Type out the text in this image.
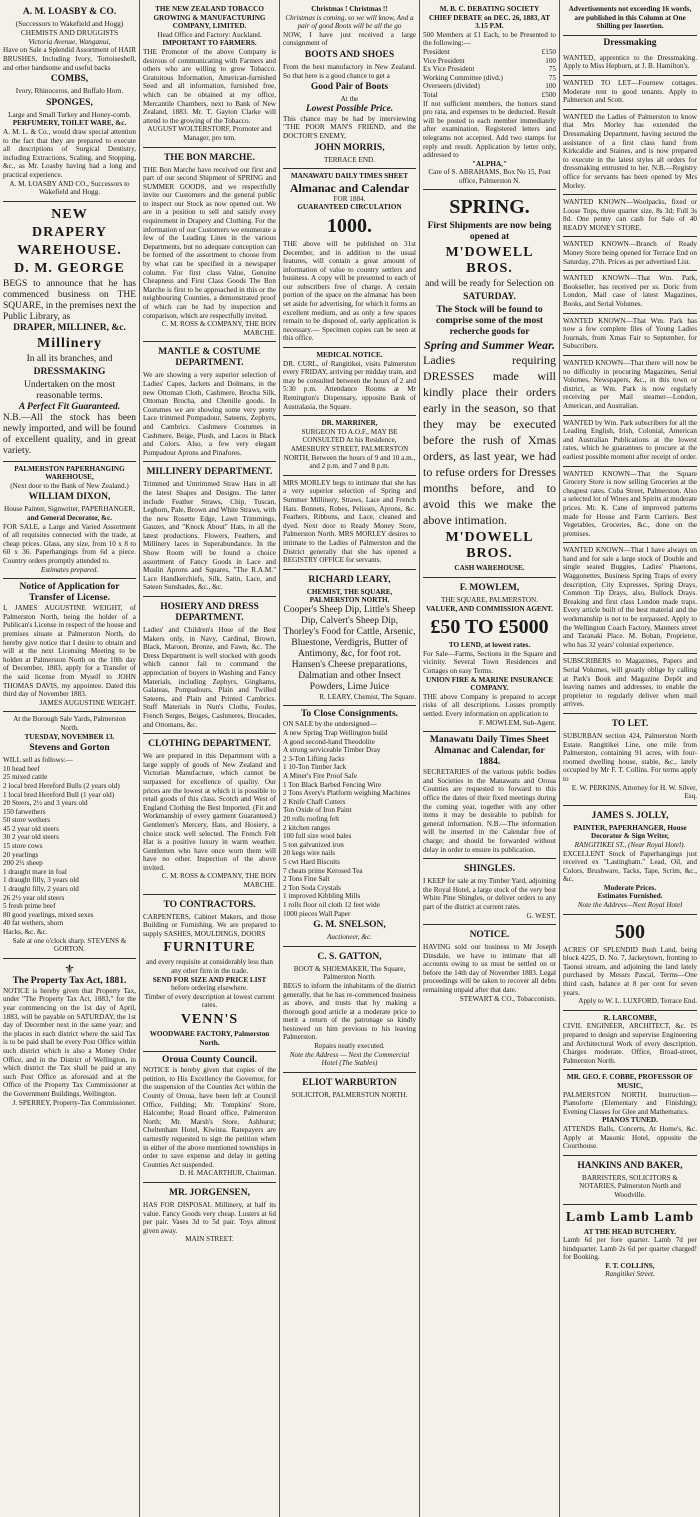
A. M. LOASBY & CO.
(Successors to Wakefield and Hogg) CHEMISTS AND DRUGGISTS
Victoria Avenue, Wanganui,
Have on Sale a Splendid Assortment of HAIR BRUSHES, Including Ivory, Tortoiseshell, and other handsome and useful backs
COMBS,
Ivory, Rhinoceros, and Buffalo Horn.
SPONGES,
Large and Small Turkey and Honey-comb.
PERFUMERY, TOILET WARE, &c.
A. M. L. & Co., would draw special attention to the fact that they are prepared to execute all descriptions of Surgical Dentistry, including Extractions, Scaling, and Stopping, &c., as Mr. Loasby having had a long and practical experience.
A. M. LOASBY AND CO., Successors to Wakefield and Hogg.
NEW
DRAPERY
WAREHOUSE.
D. M. GEORGE
BEGS to announce that he has commenced business on THE SQUARE, in the premises next the Public Library, as
DRAPER, MILLINER, &c.
Millinery
In all its branches, and
DRESSMAKING
Undertaken on the most reasonable terms.
A Perfect Fit Guaranteed.
N.B.—All the stock has been newly imported, and will be found of excellent quality, and in great variety.
PALMERSTON PAPERHANGING WAREHOUSE,
(Next door to the Bank of New Zealand.)
WILLIAM DIXON,
House Painter, Signwriter, PAPERHANGER,
and General Decorator, &c.
FOR SALE, a Large and Varied Assortment of all requisites connected with the trade, at cheap prices. Glass, any size, from 10 x 8 to 60 x 36. Paperhangings from 6d a piece. Country orders promptly attended to.
Estimates prepared.
Notice of Application for Transfer of License.
I, JAMES AUGUSTINE WEIGHT, of Palmerston North, being the holder of a Publican's License in respect of the house and premises situate at Palmerston North, do hereby give notice that I desire to obtain and will at the next Licensing Meeting to be holden at Palmerston North on the 10th day of December, 1883, apply for a Transfer of the said license from Myself to JOHN THOMAS DAVIS, my appointee. Dated this third day of November 1883.
JAMES AUGUSTINE WEIGHT.
At the Borough Sale Yards, Palmerston North.
TUESDAY, NOVEMBER 13.
Stevens and Gorton
WILL sell as follows:—
10 head beef
25 mixed cattle
2 local bred Hereford Bulls (2 years old)
1 local bred Hereford Bull (1 year old)
20 Steers, 2½ and 3 years old
150 fatwethers
50 store wethers
45 2 year old steers
30 2 year old steers
15 store cows
20 yearlings
200 2½ sheep
1 draught mare in foal
1 draught filly, 3 years old
1 draught filly, 2 years old
26 2½ year old steers
5 fresh prime beef
80 good yearlings, mixed sexes
40 fat wethers, shorn
Hacks, &c. &c.
Sale at one o'clock sharp. STEVENS & GORTON.
⚜
The Property Tax Act, 1881.
NOTICE is hereby given that Property Tax, under "The Property Tax Act, 1883," for the year commencing on the 1st day of April, 1883, will be payable on SATURDAY, the 1st day of December next in the same year; and the places in each district where the said Tax is to be paid shall be every Post Office within such district which is also a Money Order Office, and in the District of Wellington, in which district the Tax shall be paid at any such Post Office as aforesaid and at the Office of the Property Tax Commissioner at the Government Buildings, Wellington.
J. SPERREY, Property-Tax Commissioner.
THE NEW ZEALAND TOBACCO GROWING & MANUFACTURING COMPANY, LIMITED.
Head Office and Factory: Auckland.
IMPORTANT TO FARMERS.
THE Promoter of the above Company is desirous of communicating with Farmers and others who are willing to grow Tobacco. Gratuitous Information, American-furnished Seed and all information, furnished free, which can be obtained at my office, Mercantile Chambers, next to Bank of New Zealand, 1883. Mr. T. Gayton Clarke will attend to the growing of the Tobacco.
AUGUST WOLTERSTORF, Promoter and Manager, pro tem.
THE BON MARCHE.
THE Bon Marche have received our first and part of our second Shipment of SPRING and SUMMER GOODS, and we respectfully invite our Customers and the general public to inspect our Stock as now opened out. We are in a position to sell and satisfy every requirement in Drapery and Clothing. For the information of our Customers we enumerate a few of the Leading Lines in the various Departments, but no adequate conception can be formed of the assortment to choose from by what can be specified in a newspaper column. For first class Value, Genuine Cheapness and First Class Goods The Bon Marche is first to be approached in this or the neighbouring Counties, a demonstrated proof of which can be had by inspection and comparison, which are respectfully invited.
C. M. ROSS & COMPANY, THE BON MARCHE.
MANTLE & COSTUME DEPARTMENT.
We are showing a very superior selection of Ladies' Capes, Jackets and Dolmans, in the new Ottoman Cloth, Cashmere, Brocha Silk, Ottoman Brocha, and Chenille goods. In Costumes we are showing some very pretty Lace trimmed Pompadour, Sateens, Zephyrs, and Cambrics. Cashmere Costumes in Cashmere, Beige, Plush, and Laces in Black and Colors. Also, a few very elegant Pompadour Aprons and Pinafores.
MILLINERY DEPARTMENT.
Trimmed and Untrimmed Straw Hats in all the latest Shapes and Designs. The latter include Feather Straws, Chip, Tuscan, Leghorn, Pale, Brown and White Straws, with the new Rosette Edge, Lawn Trimmings, Gauzes, and "Knock About" Hats, in all the latest productions. Flowers, Feathers, and Millinery laces in Superabundance. In the Show Room will be found a choice assortment of Fancy Goods in Lace and Muslin Aprons and Squares, "The R.A.M." Lace Handkerchiefs, Silk, Satin, Lace, and Sateen Sunshades, &c., &c.
HOSIERY AND DRESS DEPARTMENT.
Ladies' and Children's Hose of the Best Makers only, in Navy, Cardinal, Brown, Black, Maroon, Bronze, and Fawn, &c. The Dress Department is well stocked with goods which cannot fail to command the appreciation of buyers in Washing and Fancy Materials, including Zephyrs, Ginghams, Galateas, Pompadours, Plain and Twilled Sateens, and Plain and Printed Cambrics. Stuff Materials in Nun's Cloths, Foules, French Serges, Beiges, Cashmeres, Brocades, and Ottomans, &c.
CLOTHING DEPARTMENT.
We are prepared in this Department with a large supply of goods of New Zealand and Victorian Manufacture, which cannot be surpassed for excellence of quality. Our prices are the lowest at which it is possible to retail goods of this class. Scotch and West of England Clothing the Best Imported. (Fit and Workmanship of every garment Guaranteed.) Gentlemen's Mercery, Hats, and Hosiery, a choice stock well selected. The French Felt Hat is a positive luxury in warm weather. Gentlemen who have once worn them will have no other. Inspection of the above invited.
C. M. ROSS & COMPANY, THE BON MARCHE.
TO CONTRACTORS.
CARPENTERS, Cabinet Makers, and those Building or Furnishing. We are prepared to supply SASHES, MOULDINGS, DOORS
FURNITURE
and every requisite at considerably less than any other firm in the trade.
SEND FOR SIZE AND PRICE LIST
before ordering elsewhere.
Timber of every description at lowest current rates.
VENN'S
WOODWARE FACTORY, Palmerston North.
Oroua County Council.
NOTICE is hereby given that copies of the petition, to His Excellency the Governor, for the suspension of the Counties Act within the County of Oroua, have been left at Council Office, Feilding; Mr. Tompkins' Store, Halcombe; Road Board office, Palmerston North; Mr. Marsh's Store, Ashhurst; Cheltenham Hotel, Kiwitea. Ratepayers are earnestly requested to sign the petition when in either of the above mentioned townships in order to save expense and delay in getting Counties Act suspended.
D. H. MACARTHUR, Chairman.
MR. JORGENSEN,
HAS FOR DISPOSAL Millinery, at half its value. Fancy Goods very cheap. Lusters at 6d per pair. Vases 3d to 5d pair. Toys almost given away.
MAIN STREET.
Christmas ! Christmas !!
Christmas is coming, so we will know, And a pair of good Boots will be all the go
NOW, I have just received a large consignment of
BOOTS AND SHOES
From the best manufactory in New Zealand. So that here is a good chance to get a
Good Pair of Boots
At the
Lowest Possible Price.
This chance may be had by interviewing "THE POOR MAN'S FRIEND, and the DOCTOR'S ENEMY,
JOHN MORRIS,
TERRACE END.
MANAWATU DAILY TIMES SHEET
Almanac and Calendar
FOR 1884.
GUARANTEED CIRCULATION
1000.
THE above will be published on 31st December, and in addition to the usual features, will contain a great amount of information of value to country settlers and business. A copy will be presented to each of our subscribers free of charge. A certain portion of the space on the almanac has been set aside for advertising, for which it forms an excellent medium, and as only a few spaces remain to be disposed of, early application is necessary.— Specimen copies can be seen at this office.
MEDICAL NOTICE.
DR. CURL, of Rangitikei, visits Palmerston every FRIDAY, arriving per midday train, and may be consulted between the hours of 2 and 5:30 p.m. Attendance Rooms at Mr Remington's Dispensary, opposite Bank of Australasia, the Square.
DR. MARRINER,
SURGEON TO A.O.F., MAY BE CONSULTED At his Residence, AMESBURY STREET, PALMERSTON NORTH, Between the hours of 9 and 10 a.m., and 2 p.m. and 7 and 8 p.m.
MRS MORLEY begs to intimate that she has a very superior selection of Spring and Summer Millinery, Straws, Lace and French Hats. Bonnets, Robes, Pelisses, Aprons, &c. Feathers, Ribbons, and Lace, cleaned and dyed. Next door to Ready Money Store, Palmerston North. MRS MORLEY desires to intimate to the Ladies of Palmerston and the District generally that she has opened a REGISTRY OFFICE for servants.
RICHARD LEARY,
CHEMIST, THE SQUARE, PALMERSTON NORTH.
Cooper's Sheep Dip, Little's Sheep Dip, Calvert's Sheep Dip, Thorley's Food for Cattle, Arsenic, Bluestone, Verdigris, Butter of Antimony, &c, for foot rot. Hansen's Cheese preparations, Dalmatian and other Insect Powders, Lime Juice
R. LEARY, Chemist, The Square.
To Close Consignments.
ON SALE by the undersigned—
A new Spring Trap Wellington build
A good second-hand Theodolite
A strong serviceable Timber Dray
2 3-Ton Lifting Jacks
1 10-Ton Timber Jack
A Miner's Fire Proof Safe
1 Ton Black Barbed Fencing Wire
2 Tons Avery's Platform weighing Machines
2 Knife Chaff Cutters
Ton Oxide of Iron Paint
20 rolls roofing felt
2 kitchen ranges
100 full size wool bales
5 ton galvanized iron
20 kegs wire nails
5 cwt Hard Biscuits
7 cheats prime Kerosed Tea
2 Tons Fine Salt
2 Ton Soda Crystals
1 improved Kibbling Mills
1 rolls floor oil cloth 12 feet wide
1000 pieces Wall Paper
G. M. SNELSON,
Auctioneer, &c.
C. S. GATTON,
BOOT & SHOEMAKER, The Square, Palmerston North.
BEGS to inform the inhabitants of the district generally, that he has re-commenced business as above, and trusts that by making a thorough good article at a moderate price to merit a return of the patronage so kindly bestowed on him previous to his leaving Palmerston.
Repairs neatly executed.
Note the Address — Next the Commercial Hotel (The Stables)
ELIOT WARBURTON
SOLICITOR, PALMERSTON NORTH.
M. B. C. DEBATING SOCIETY
CHIEF DEBATE on DEC. 26, 1883, AT 3.15 P.M.
500 Members at £1 Each, to be Presented to the following:—
President	£150
Vice President	100
Ex Vice President	75
Working Committee (divd.)	75
Overseers (divided)	100
Total	£500
If not sufficient members, the honors stand pro rata, and expenses to be deducted. Result will be posted to each member immediately after examination. Registered letters and telegrams not accepted. Add two stamps for reply and result. Application by letter only, addressed to
"ALPHA,"
Care of S. ABRAHAMS, Box No 15, Post office, Palmerston N.
SPRING.
First Shipments are now being opened at
M'DOWELL BROS.
and will be ready for Selection on
SATURDAY.
The Stock will be found to comprise some of the most recherche goods for
Spring and Summer Wear.
Ladies requiring DRESSES made will kindly place their orders early in the season, so that they may be executed before the rush of Xmas orders, as last year, we had to refuse orders for Dresses months before, and to avoid this we make the above intimation.
M'DOWELL BROS.
CASH WAREHOUSE.
F. MOWLEM,
THE SQUARE, PALMERSTON.
VALUER, AND COMMISSION AGENT.
£50 TO £5000
TO LEND, at lowest rates.
For Sale—Farms, Sections in the Square and vicinity. Several Town Residences and Cottages on easy Terms.
UNION FIRE & MARINE INSURANCE COMPANY.
THE above Company is prepared to accept risks of all descriptions. Losses promptly settled. Every information on application to
F. MOWLEM, Sub-Agent.
Manawatu Daily Times Sheet Almanac and Calendar, for 1884.
SECRETARIES of the various public bodies and Societies in the Manawatu and Oroua Counties are requested to forward to this office the dates of their fixed meetings during the coming year, together with any other items it may be desirable to publish for general information. N.B.—The information will be inserted in the Calendar free of charge; and should be forwarded without delay in order to ensure its publication.
SHINGLES.
I KEEP for sale at my Timber Yard, adjoining the Royal Hotel, a large stock of the very best White Pine Shingles, or deliver orders to any part of the district at current rates.
G. WEST.
NOTICE.
HAVING sold our business to Mr Joseph Dinsdale, we have to intimate that all accounts owing to us must be settled on or before the 14th day of November 1883. Legal proceedings will be taken to recover all debts remaining unpaid after that date.
STEWART & CO., Tobacconists.
Advertisements not exceeding 16 words, are published in this Column at One Shilling per Insertion.
Dressmaking
WANTED, apprentice to the Dressmaking. Apply to Miss Hepburn, at J. B. Hamilton's.
WANTED TO LET—Fournew cottages. Moderate rent to good tenants. Apply to Palmerson and Scott.
WANTED the Ladies of Palmerston to know that Mrs Morley has extended the Dressmaking Department, having secured the assistance of a first class hand from Kirkcaldie and Staines, and is now prepared to execute in the latest styles all orders for dressmaking entrusted to her. N.B.—Registry office for servants has been opened by Mrs Morley.
WANTED KNOWN—Woolpacks, fixed or Loose Tops, three quarter size, 8s 3d; Full 3s 8d. One penny can cash for Sale of 40 READY MONEY STORE.
WANTED KNOWN—Branch of Ready Money Store being opened for Terrace End on Saturday, 27th. Prices as per advertised List.
WANTED KNOWN—That Wm. Park, Bookseller, has received per ss. Doric from London, Mail case of latest Magazines, Books, and Serial Volumes.
WANTED KNOWN—That Wm. Park has now a few complete files of Young Ladies Journals, from Xmas Fair to September, for Subscribers.
WANTED KNOWN—That there will now be no difficulty in procuring Magazines, Serial Volumes, Newspapers, &c., in this town or district, as Wm. Park is now regularly receiving per Mail steamer—London, American, and Australian.
WANTED by Wm. Park subscribers for all the Leading English, Irish, Colonial, American and Australian Publications at the lowest rates, which he guarantees to procure at the earliest possible moment after receipt of order.
WANTED KNOWN—That the Square Grocery Store is now selling Groceries at the cheapest rates. Cuba Street, Palmerston. Also a selected lot of Wines and Spirits at moderate prices. Mr. K. Cane of improved patterns made for House and Farm Carriers. Best Vegetables, Groceries, &c., done on the premises.
WANTED KNOWN—That I have always on hand and for sale a large stock of Double and single seated Buggies, Ladies' Phaetons, Waggonettes, Business Spring Traps of every description, City Expresses, Spring Drays, Common Tip Drays, also, Bullock Drays. Breaking and first class London made traps. Every article built of the best material and the workmanship is not to be surpassed. Apply to the Wellington Coach Factory, Manners street and Taranaki Place. M. Bohan, Proprietor, who has 32 years' colonial experience.
SUBSCRIBERS to Magazines, Papers and Serial Volumes, will greatly oblige by calling at Park's Book and Magazine Depôt and leaving names and addresses, to enable the proprietor to regularly deliver when mail arrives.
TO LET.
SUBURBAN section 424, Palmerston North Estate. Rangitikei Line, one mile from Palmerston, containing 91 acres, with four-roomed dwelling house, stable, &c., lately occupied by Mr F. T. Collins. For terms apply to
E. W. PERKINS, Attorney for H. W. Silver, Esq.
JAMES S. JOLLY,
PAINTER, PAPERHANGER, House Decorator & Sign Writer,
RANGITIKEI ST., (Near Royal Hotel).
EXCELLENT Stock of Paperhangings just received ex "Lastingham." Lead, Oil, and Colors, Brushware, Tacks, Tape, Scrim, &c., &c.
Moderate Prices.
Estimates Furnished.
Note the Address—Next Royal Hotel
500
ACRES OF SPLENDID Bush Land, being block 4225, D. No. 7, Jackeytown, fronting to Taonui stream, and adjoining the land lately purchased by Messrs Pascal, Terms—One third cash, balance at 8 per cent for seven years.
Apply to W. L. LUXFORD, Terrace End.
R. LARCOMBE,
CIVIL ENGINEER, ARCHITECT, &c. IS prepared to design and supervise Engineering and Architectural Work of every description. Charges moderate. Office, Broad-street, Palmerston North.
MR. GEO. F. COBBE, PROFESSOR OF MUSIC,
PALMERSTON NORTH. Instruction—Pianoforte (Elementary and Finishing); Evening Classes for Glee and Mathematics.
PIANOS TUNED.
ATTENDS Balls, Concerts, At Home's, &c. Apply at Masonic Hotel, opposite the Courthouse.
HANKINS AND BAKER,
BARRISTERS, SOLICITORS & NOTARIES, Palmerston North and Woodville.
Lamb Lamb Lamb
AT THE HEAD BUTCHERY.
Lamb 6d per fore quarter. Lamb 7d per hindquarter. Lamb 2s 6d per quarter charged! for Booking.
F. T. COLLINS,
Rangitikei Street.
